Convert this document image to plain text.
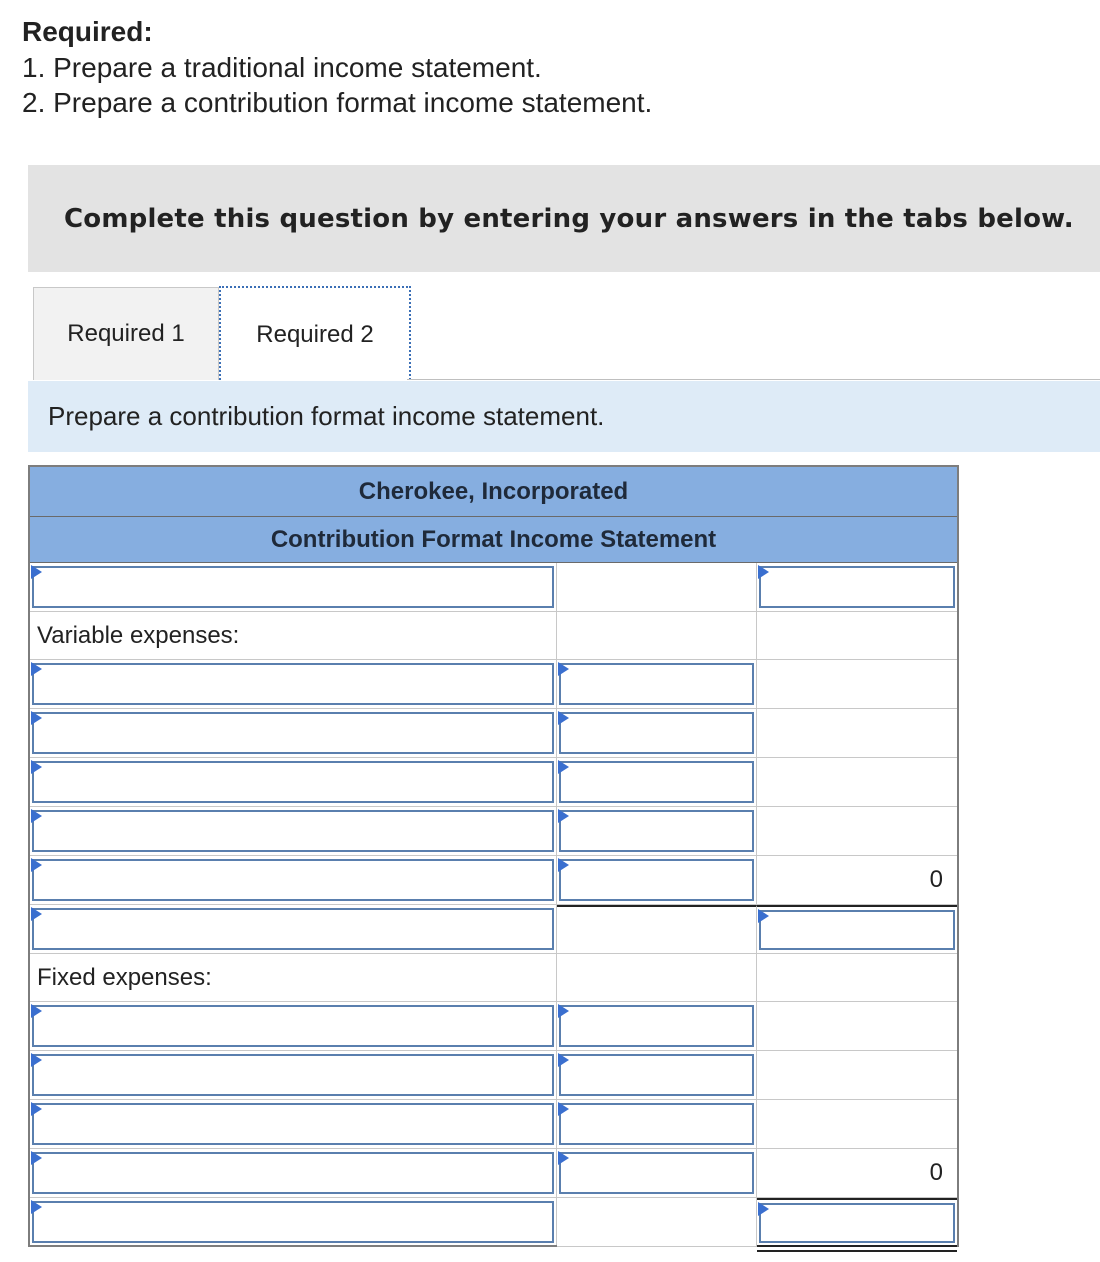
Required:
1. Prepare a traditional income statement.
2. Prepare a contribution format income statement.
Complete this question by entering your answers in the tabs below.
Required 1	Required 2
Prepare a contribution format income statement.
Cherokee, Incorporated
Contribution Format Income Statement
Variable expenses:
0
Fixed expenses:
0
